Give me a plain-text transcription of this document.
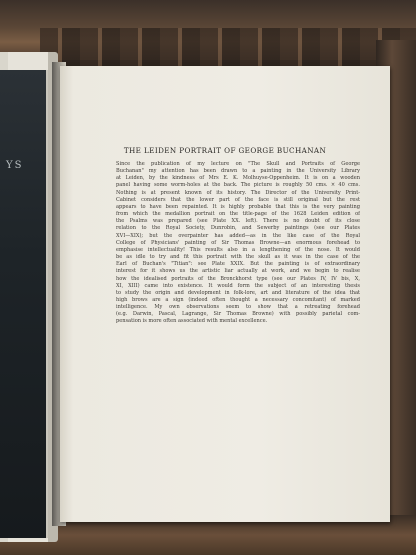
YS
THE LEIDEN PORTRAIT OF GEORGE BUCHANAN
Since the publication of my lecture on "The Skull and Portraits of George
Buchanan" my attention has been drawn to a painting in the University Library
at Leiden, by the kindness of Mrs E. K. Molhuyse-Oppenheim. It is on a wooden
panel having some worm-holes at the back. The picture is roughly 50 cms. × 40 cms.
Nothing is at present known of its history. The Director of the University Print-
Cabinet considers that the lower part of the face is still original but the rest
appears to have been repainted. It is highly probable that this is the very painting
from which the medallion portrait on the title-page of the 1628 Leiden edition of
the Psalms was prepared (see Plate XX. left). There is no doubt of its close
relation to the Royal Society, Dunrobin, and Sewerby paintings (see our Plates
XVI—XIX); but the overpainter has added—as in the like case of the Royal
College of Physicians' painting of Sir Thomas Browne—an enormous forehead to
emphasise intellectuality! This results also in a lengthening of the nose. It would
be as idle to try and fit this portrait with the skull as it was in the case of the
Earl of Buchan's "Titian": see Plate XXIX. But the painting is of extraordinary
interest for it shows us the artistic liar actually at work, and we begin to realise
how the idealised portraits of the Bronckhorst type (see our Plates IV, IV bis, X,
XI, XIII) came into existence. It would form the subject of an interesting thesis
to study the origin and development in folk-lore, art and literature of the idea that
high brows are a sign (indeed often thought a necessary concomitant) of marked
intelligence. My own observations seem to show that a retreating forehead
(e.g. Darwin, Pascal, Lagrange, Sir Thomas Browne) with possibly parietal com-
pensation is more often associated with mental excellence.
